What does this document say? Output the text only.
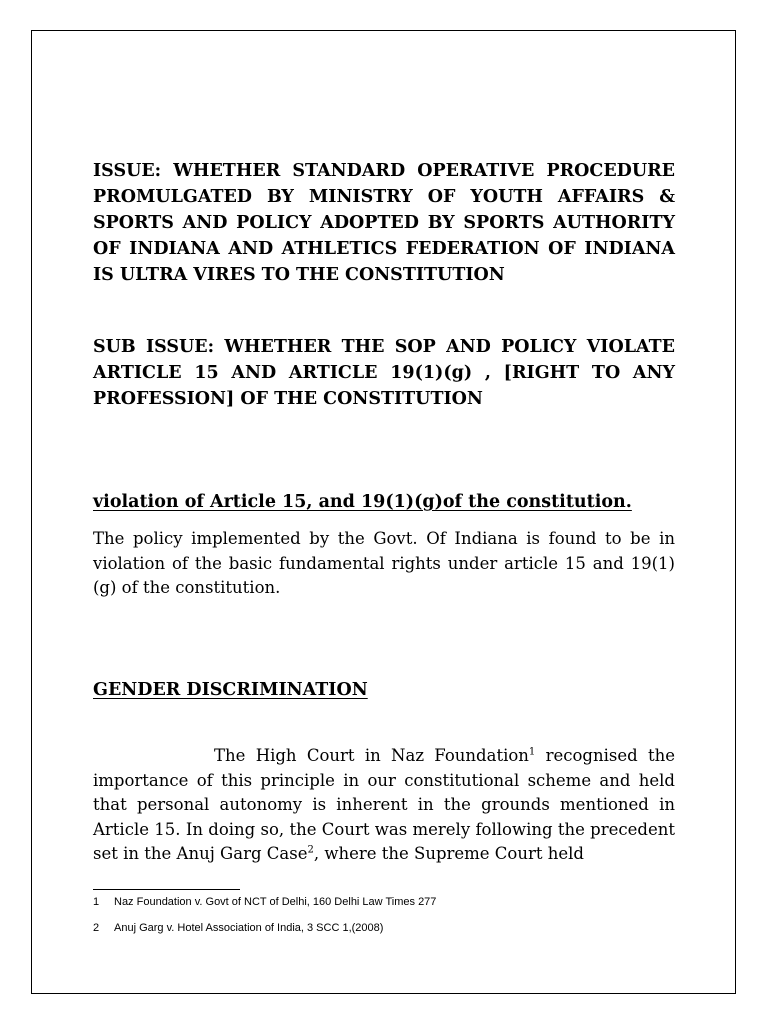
ISSUE: WHETHER STANDARD OPERATIVE PROCEDURE PROMULGATED BY MINISTRY OF YOUTH AFFAIRS & SPORTS AND POLICY ADOPTED BY SPORTS AUTHORITY OF INDIANA AND ATHLETICS FEDERATION OF INDIANA IS ULTRA VIRES TO THE CONSTITUTION

SUB ISSUE: WHETHER THE SOP AND POLICY VIOLATE ARTICLE 15 AND ARTICLE 19(1)(g) , [RIGHT TO ANY PROFESSION] OF THE CONSTITUTION

violation of Article 15, and 19(1)(g)of the constitution.

The policy implemented by the Govt. Of Indiana is found to be in violation of the basic fundamental rights under article 15 and 19(1) (g) of the constitution.

GENDER DISCRIMINATION

The High Court in Naz Foundation$^1$ recognised the importance of this principle in our constitutional scheme and held that personal autonomy is inherent in the grounds mentioned in Article 15. In doing so, the Court was merely following the precedent set in the Anuj Garg Case$^2$, where the Supreme Court held

1 Naz Foundation v. Govt of NCT of Delhi, 160 Delhi Law Times 277
2 Anuj Garg v. Hotel Association of India, 3 SCC 1,(2008)
